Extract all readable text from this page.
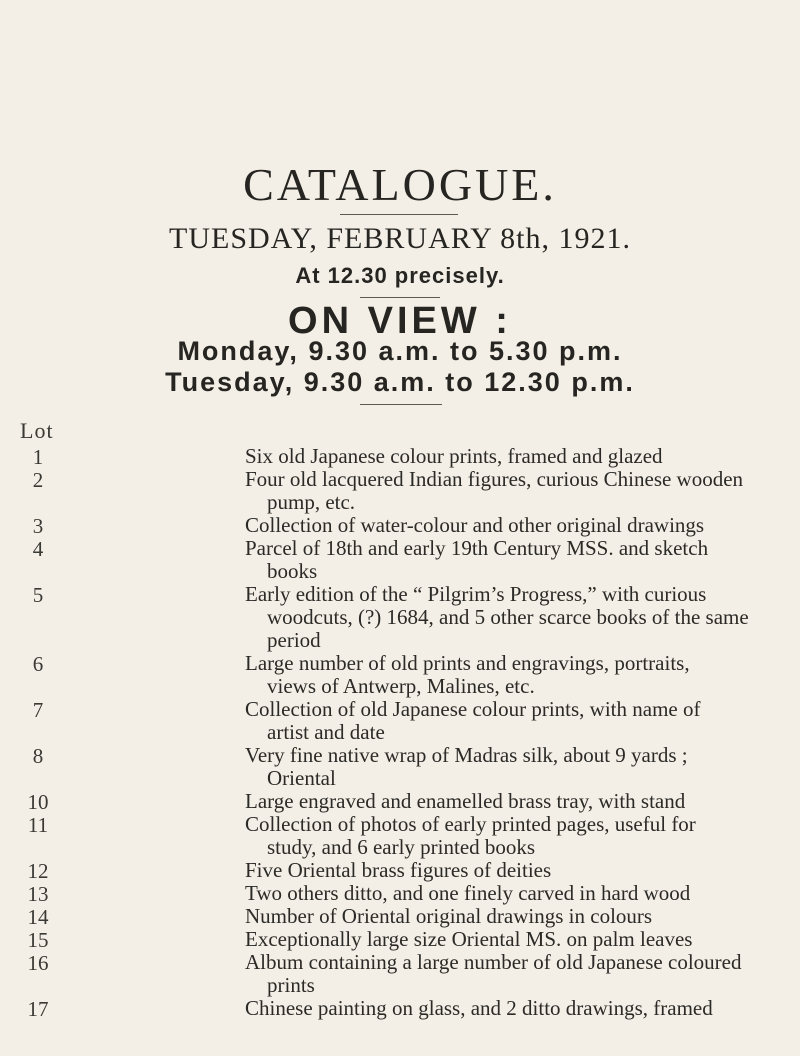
CATALOGUE.
TUESDAY, FEBRUARY 8th, 1921.
At 12.30 precisely.
ON VIEW :
Monday, 9.30 a.m. to 5.30 p.m.
Tuesday, 9.30 a.m. to 12.30 p.m.
Lot
1	Six old Japanese colour prints, framed and glazed
2	Four old lacquered Indian figures, curious Chinese wooden
pump, etc.
3	Collection of water-colour and other original drawings
4	Parcel of 18th and early 19th Century MSS. and sketch
books
5	Early edition of the “ Pilgrim’s Progress,” with curious
woodcuts, (?) 1684, and 5 other scarce books of the same
period
6	Large number of old prints and engravings, portraits,
views of Antwerp, Malines, etc.
7	Collection of old Japanese colour prints, with name of
artist and date
8	Very fine native wrap of Madras silk, about 9 yards ;
Oriental
10	Large engraved and enamelled brass tray, with stand
11	Collection of photos of early printed pages, useful for
study, and 6 early printed books
12	Five Oriental brass figures of deities
13	Two others ditto, and one finely carved in hard wood
14	Number of Oriental original drawings in colours
15	Exceptionally large size Oriental MS. on palm leaves
16	Album containing a large number of old Japanese coloured
prints
17	Chinese painting on glass, and 2 ditto drawings, framed
